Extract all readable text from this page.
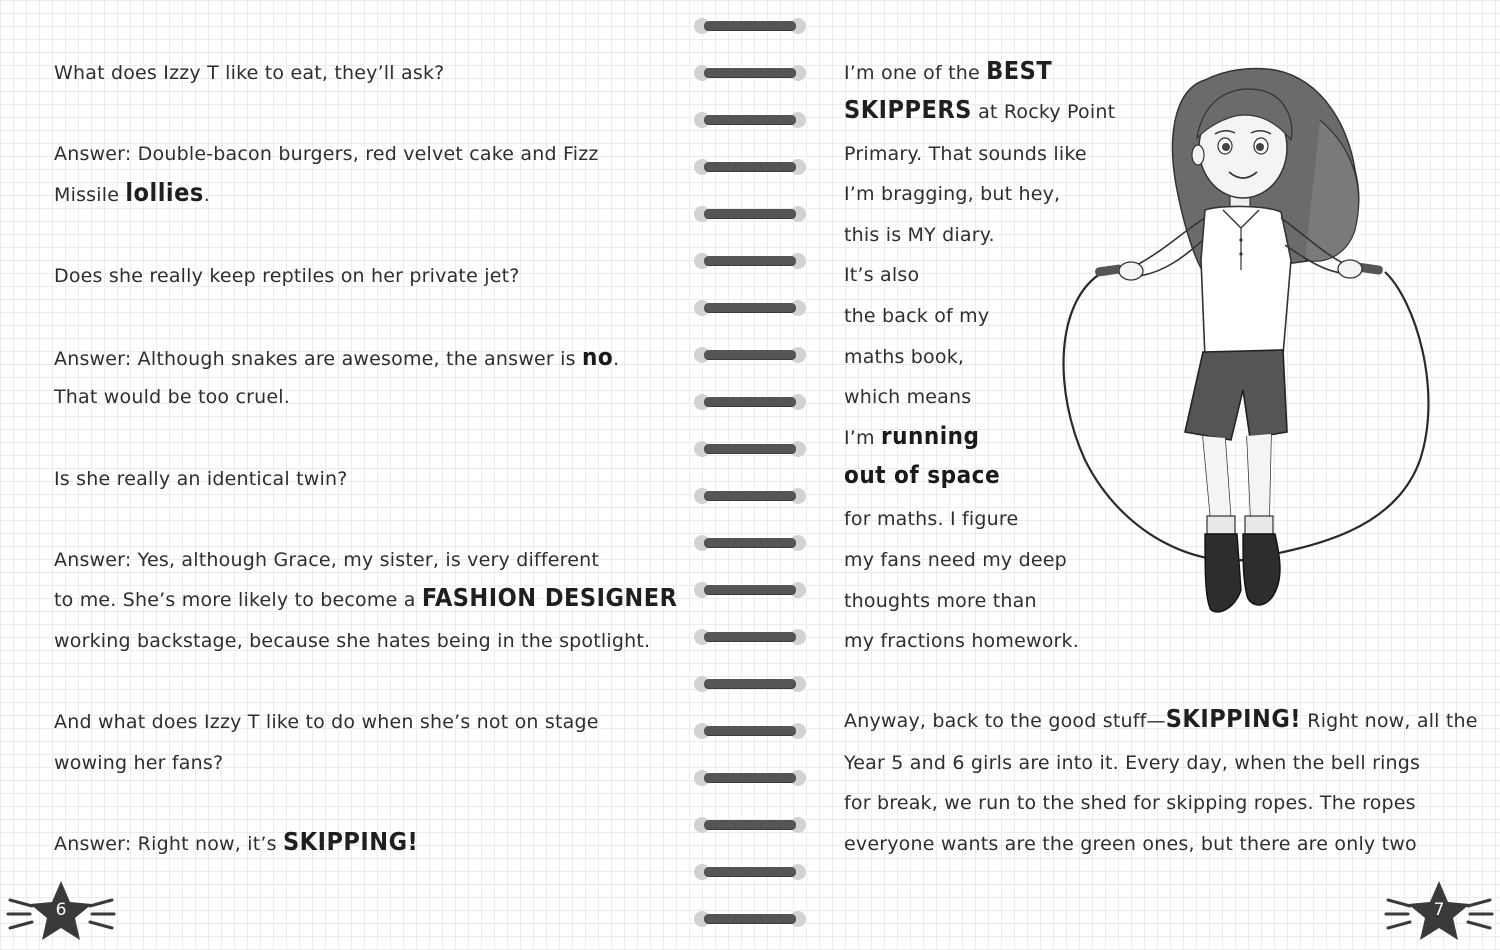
What does Izzy T like to eat, they’ll ask?

Answer: Double-bacon burgers, red velvet cake and Fizz

Missile lollies.

Does she really keep reptiles on her private jet?

Answer: Although snakes are awesome, the answer is no.

That would be too cruel.

Is she really an identical twin?

Answer: Yes, although Grace, my sister, is very different

to me. She’s more likely to become a FASHION DESIGNER

working backstage, because she hates being in the spotlight.

And what does Izzy T like to do when she’s not on stage

wowing her fans?

Answer: Right now, it’s SKIPPING!

I’m one of the BEST

SKIPPERS at Rocky Point

Primary. That sounds like

I’m bragging, but hey,

this is MY diary.

It’s also

the back of my

maths book,

which means

I’m running

out of space

for maths. I figure

my fans need my deep

thoughts more than

my fractions homework.

Anyway, back to the good stuff—SKIPPING! Right now, all the

Year 5 and 6 girls are into it. Every day, when the bell rings

for break, we run to the shed for skipping ropes. The ropes

everyone wants are the green ones, but there are only two

6	7
